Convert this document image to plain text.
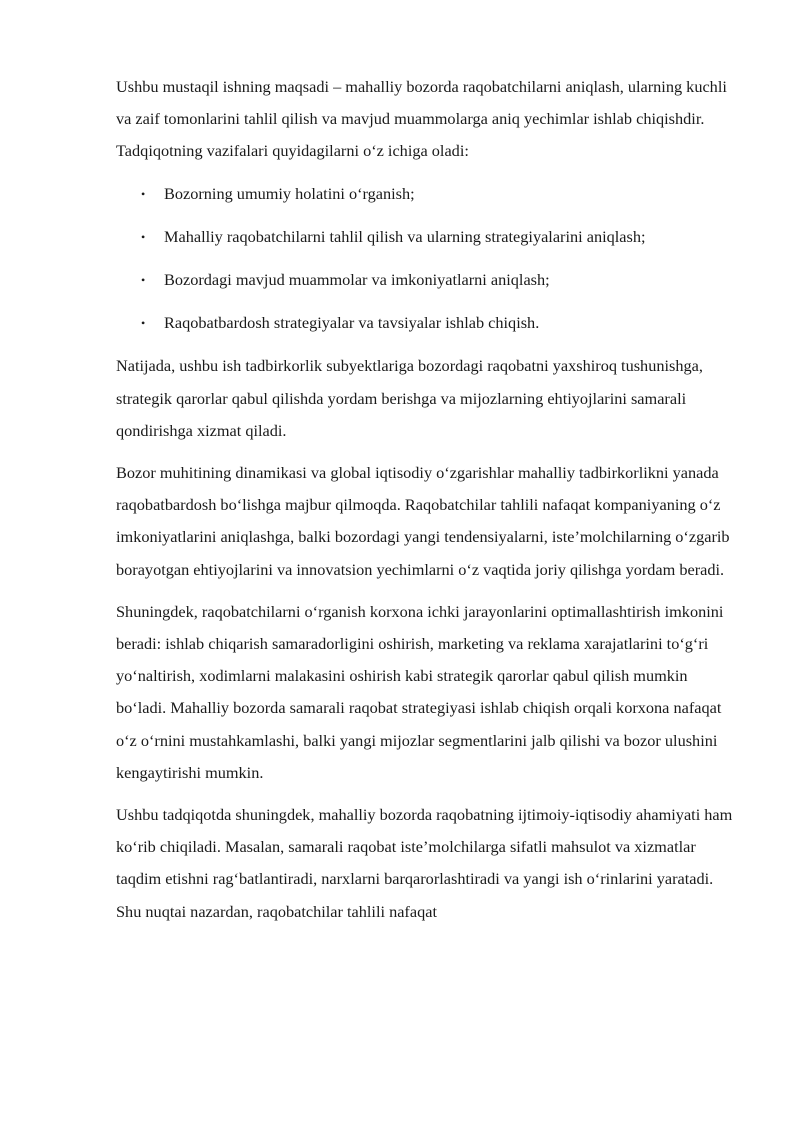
Ushbu mustaqil ishning maqsadi – mahalliy bozorda raqobatchilarni aniqlash, ularning kuchli va zaif tomonlarini tahlil qilish va mavjud muammolarga aniq yechimlar ishlab chiqishdir. Tadqiqotning vazifalari quyidagilarni oʻz ichiga oladi:

• Bozorning umumiy holatini oʻrganish;
• Mahalliy raqobatchilarni tahlil qilish va ularning strategiyalarini aniqlash;
• Bozordagi mavjud muammolar va imkoniyatlarni aniqlash;
• Raqobatbardosh strategiyalar va tavsiyalar ishlab chiqish.

Natijada, ushbu ish tadbirkorlik subyektlariga bozordagi raqobatni yaxshiroq tushunishga, strategik qarorlar qabul qilishda yordam berishga va mijozlarning ehtiyojlarini samarali qondirishga xizmat qiladi.

Bozor muhitining dinamikasi va global iqtisodiy oʻzgarishlar mahalliy tadbirkorlikni yanada raqobatbardosh boʻlishga majbur qilmoqda. Raqobatchilar tahlili nafaqat kompaniyaning oʻz imkoniyatlarini aniqlashga, balki bozordagi yangi tendensiyalarni, isteʼmolchilarning oʻzgarib borayotgan ehtiyojlarini va innovatsion yechimlarni oʻz vaqtida joriy qilishga yordam beradi.

Shuningdek, raqobatchilarni oʻrganish korxona ichki jarayonlarini optimallashtirish imkonini beradi: ishlab chiqarish samaradorligini oshirish, marketing va reklama xarajatlarini toʻgʻri yoʻnaltirish, xodimlarni malakasini oshirish kabi strategik qarorlar qabul qilish mumkin boʻladi. Mahalliy bozorda samarali raqobat strategiyasi ishlab chiqish orqali korxona nafaqat oʻz oʻrnini mustahkamlashi, balki yangi mijozlar segmentlarini jalb qilishi va bozor ulushini kengaytirishi mumkin.

Ushbu tadqiqotda shuningdek, mahalliy bozorda raqobatning ijtimoiy-iqtisodiy ahamiyati ham koʻrib chiqiladi. Masalan, samarali raqobat isteʼmolchilarga sifatli mahsulot va xizmatlar taqdim etishni ragʻbatlantiradi, narxlarni barqarorlashtiradi va yangi ish oʻrinlarini yaratadi. Shu nuqtai nazardan, raqobatchilar tahlili nafaqat
